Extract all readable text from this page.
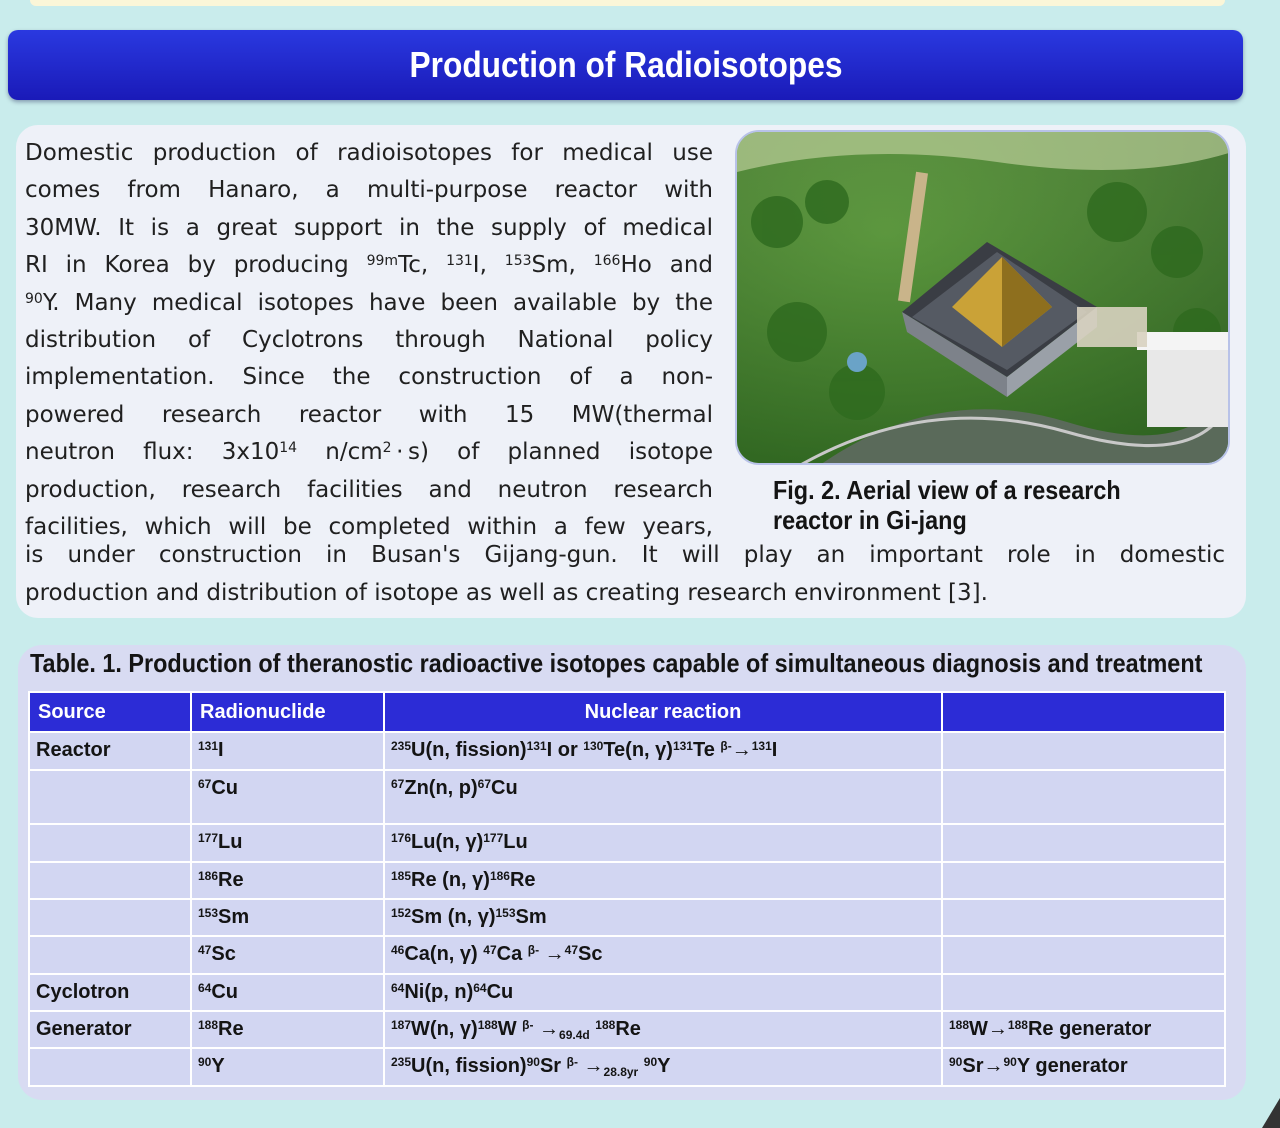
Production of Radioisotopes
Domestic production of radioisotopes for medical use
comes from Hanaro, a multi-purpose reactor with
30MW. It is a great support in the supply of medical
RI in Korea by producing $^{99m}$Tc, $^{131}$I, $^{153}$Sm, $^{166}$Ho and
$^{90}$Y. Many medical isotopes have been available by the
distribution of Cyclotrons through National policy
implementation. Since the construction of a non-
powered research reactor with 15 MW(thermal
neutron flux: $3x10^{14}$ $n/cm^2 \cdot s$) of planned isotope
production, research facilities and neutron research
facilities, which will be completed within a few years,
Fig. 2. Aerial view of a research reactor in Gi-jang
is under construction in Busan's Gijang-gun. It will play an important role in domestic
production and distribution of isotope as well as creating research environment [3].
Table. 1. Production of theranostic radioactive isotopes capable of simultaneous diagnosis and treatment
Source	Radionuclide	Nuclear reaction	
Reactor	$^{131}$I	$^{235}$U(n, fission)$^{131}$I or $^{130}$Te(n, γ)$^{131}$Te $^{\beta-}$→$^{131}$I	
	$^{67}$Cu	$^{67}$Zn(n, p)$^{67}$Cu	
	$^{177}$Lu	$^{176}$Lu(n, γ)$^{177}$Lu	
	$^{186}$Re	$^{185}$Re (n, γ)$^{186}$Re	
	$^{153}$Sm	$^{152}$Sm (n, γ)$^{153}$Sm	
	$^{47}$Sc	$^{46}$Ca(n, γ) $^{47}$Ca $^{\beta-}$ →$^{47}$Sc	
Cyclotron	$^{64}$Cu	$^{64}$Ni(p, n)$^{64}$Cu	
Generator	$^{188}$Re	$^{187}$W(n, γ)$^{188}$W $^{\beta-} \to_{69.4d}$ $^{188}$Re	$^{188}$W→$^{188}$Re generator
	$^{90}$Y	$^{235}$U(n, fission)$^{90}$Sr $^{\beta-} \to_{28.8yr}$ $^{90}$Y	$^{90}$Sr→$^{90}$Y generator
